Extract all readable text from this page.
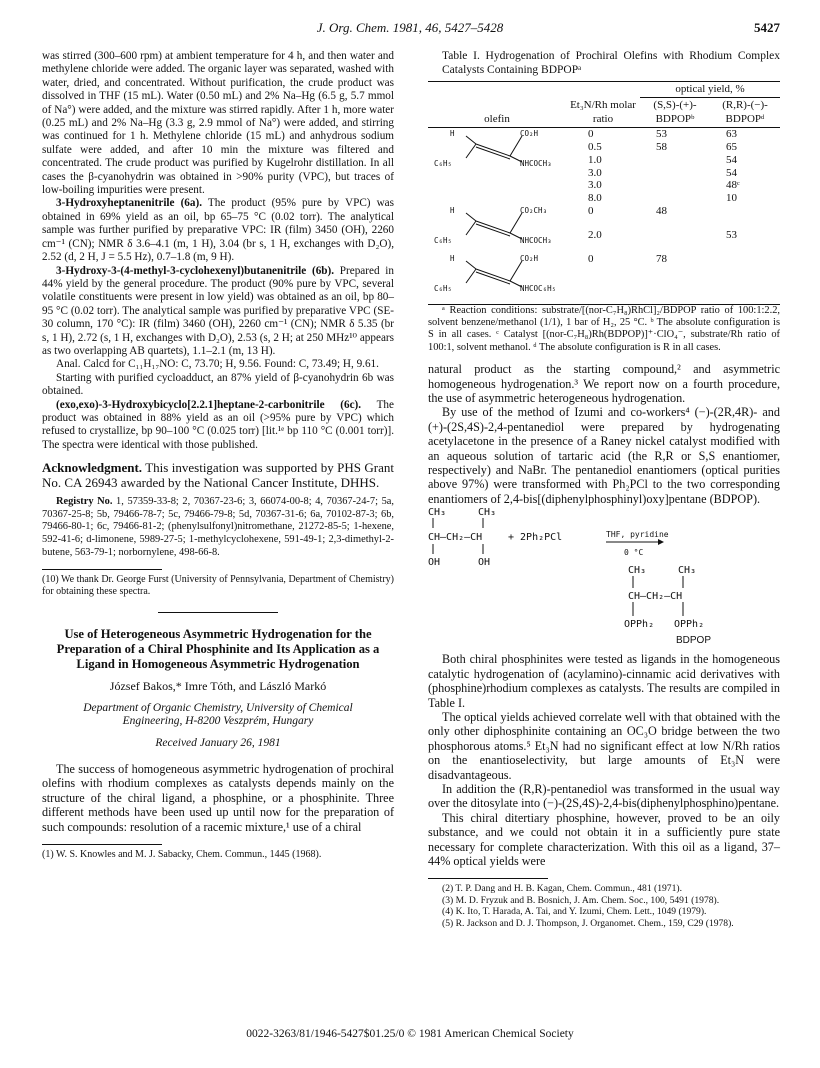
J. Org. Chem. 1981, 46, 5427–5428	5427

was stirred (300–600 rpm) at ambient temperature for 4 h, and then water and methylene chloride were added. The organic layer was separated, washed with water, dried, and concentrated. Without purification, the crude product was dissolved in THF (15 mL). Water (0.50 mL) and 2% Na–Hg (6.5 g, 5.7 mmol of Na°) were added, and the mixture was stirred rapidly. After 1 h, more water (0.25 mL) and 2% Na–Hg (3.3 g, 2.9 mmol of Na°) were added, and stirring was continued for 1 h. Methylene chloride (15 mL) and anhydrous sodium sulfate were added, and after 10 min the mixture was filtered and concentrated. The crude product was purified by Kugelrohr distillation. In all cases the β-cyanohydrin was obtained in >90% purity (VPC), but traces of low-boiling impurities were present.

3-Hydroxyheptanenitrile (6a). The product (95% pure by VPC) was obtained in 69% yield as an oil, bp 65–75 °C (0.02 torr). The analytical sample was further purified by preparative VPC: IR (film) 3450 (OH), 2260 cm⁻¹ (CN); NMR δ 3.6–4.1 (m, 1 H), 3.04 (br s, 1 H, exchanges with D₂O), 2.52 (d, 2 H, J = 5.5 Hz), 0.7–1.8 (m, 9 H).

3-Hydroxy-3-(4-methyl-3-cyclohexenyl)butanenitrile (6b). Prepared in 44% yield by the general procedure. The product (90% pure by VPC, several volatile constituents were present in low yield) was obtained as an oil, bp 80–95 °C (0.02 torr). The analytical sample was purified by preparative VPC (SE-30 column, 170 °C): IR (film) 3460 (OH), 2260 cm⁻¹ (CN); NMR δ 5.35 (br s, 1 H), 2.72 (s, 1 H, exchanges with D₂O), 2.53 (s, 2 H; at 250 MHz¹⁰ appears as two overlapping AB quartets), 1.1–2.1 (m, 13 H).

Anal. Calcd for C₁₁H₁₇NO: C, 73.70; H, 9.56. Found: C, 73.49; H, 9.61.

Starting with purified cycloadduct, an 87% yield of β-cyanohydrin 6b was obtained.

(exo,exo)-3-Hydroxybicyclo[2.2.1]heptane-2-carbonitrile (6c). The product was obtained in 88% yield as an oil (>95% pure by VPC) which refused to crystallize, bp 90–100 °C (0.025 torr) [lit.¹ᵉ bp 110 °C (0.001 torr)]. The spectra were identical with those published.

Acknowledgment. This investigation was supported by PHS Grant No. CA 26943 awarded by the National Cancer Institute, DHHS.

Registry No. 1, 57359-33-8; 2, 70367-23-6; 3, 66074-00-8; 4, 70367-24-7; 5a, 70367-25-8; 5b, 79466-78-7; 5c, 79466-79-8; 5d, 70367-31-6; 6a, 70102-87-3; 6b, 79466-80-1; 6c, 79466-81-2; (phenylsulfonyl)nitromethane, 21272-85-5; 1-hexene, 592-41-6; d-limonene, 5989-27-5; 1-methylcyclohexene, 591-49-1; 2,3-dimethyl-2-butene, 563-79-1; norbornylene, 498-66-8.

(10) We thank Dr. George Furst (University of Pennsylvania, Department of Chemistry) for obtaining these spectra.

Use of Heterogeneous Asymmetric Hydrogenation for the Preparation of a Chiral Phosphinite and Its Application as a Ligand in Homogeneous Asymmetric Hydrogenation
József Bakos,* Imre Tóth, and László Markó
Department of Organic Chemistry, University of Chemical Engineering, H-8200 Veszprém, Hungary
Received January 26, 1981

The success of homogeneous asymmetric hydrogenation of prochiral olefins with rhodium complexes as catalysts depends mainly on the structure of the chiral ligand, a phosphine, or a phosphinite. Three different methods have been used up until now for the preparation of such compounds: resolution of a racemic mixture,¹ use of a chiral

(1) W. S. Knowles and M. J. Sabacky, Chem. Commun., 1445 (1968).

Table I. Hydrogenation of Prochiral Olefins with Rhodium Complex Catalysts Containing BDPOPᵃ
		optical yield, %	
olefin	Et₃N/Rh molar ratio	(S,S)-(+)- BDPOPᵇ	(R,R)-(−)- BDPOPᵈ

H CO₂H
C₆H₅ NHCOCH₃	0	53	63
	0.5	58	65
	1.0		54
	3.0		54
	3.0		48ᶜ
	8.0		10

H CO₂CH₃
C₆H₅ NHCOCH₃	0	48	
	2.0		53

H CO₂H
C₆H₅ NHCOC₆H₅	0	78	

ᵃ Reaction conditions: substrate/[(nor-C₇H₈)RhCl]₂/BDPOP ratio of 100:1:2.2, solvent benzene/methanol (1/1), 1 bar of H₂, 25 °C. ᵇ The absolute configuration is S in all cases. ᶜ Catalyst [(nor-C₇H₈)Rh(BDPOP)]⁺·ClO₄⁻, substrate/Rh ratio of 100:1, solvent methanol. ᵈ The absolute configuration is R in all cases.

natural product as the starting compound,² and asymmetric homogeneous hydrogenation.³ We report now on a fourth procedure, the use of asymmetric heterogeneous hydrogenation.

By use of the method of Izumi and co-workers⁴ (−)-(2R,4R)- and (+)-(2S,4S)-2,4-pentanediol were prepared by hydrogenating acetylacetone in the presence of a Raney nickel catalyst modified with an aqueous solution of tartaric acid (the R,R or S,S enantiomer, respectively) and NaBr. The pentanediol enantiomers (optical purities above 97%) were transformed with Ph₂PCl to the two corresponding enantiomers of 2,4-bis[(diphenylphosphinyl)oxy]pentane (BDPOP).

CH₃	CH₃
CH—CH₂—CH	+ 2Ph₂PCl	THF, pyridine
0 °C
OH	OH
CH₃	CH₃
CH—CH₂—CH
OPPh₂ OPPh₂
BDPOP

Both chiral phosphinites were tested as ligands in the homogeneous catalytic hydrogenation of (acylamino)-cinnamic acid derivatives with (phosphine)rhodium complexes as catalysts. The results are compiled in Table I.

The optical yields achieved correlate well with that obtained with the only other diphosphinite containing an OC₃O bridge between the two phosphorous atoms.⁵ Et₃N had no significant effect at low N/Rh ratios on the enantioselectivity, but large amounts of Et₃N were disadvantageous.

In addition the (R,R)-pentanediol was transformed in the usual way over the ditosylate into (−)-(2S,4S)-2,4-bis(diphenylphosphino)pentane.

This chiral ditertiary phosphine, however, proved to be an oily substance, and we could not obtain it in a sufficiently pure state necessary for complete characterization. With this oil as a ligand, 37–44% optical yields were

(2) T. P. Dang and H. B. Kagan, Chem. Commun., 481 (1971).

(3) M. D. Fryzuk and B. Bosnich, J. Am. Chem. Soc., 100, 5491 (1978).

(4) K. Ito, T. Harada, A. Tai, and Y. Izumi, Chem. Lett., 1049 (1979).

(5) R. Jackson and D. J. Thompson, J. Organomet. Chem., 159, C29 (1978).

0022-3263/81/1946-5427$01.25/0 © 1981 American Chemical Society
